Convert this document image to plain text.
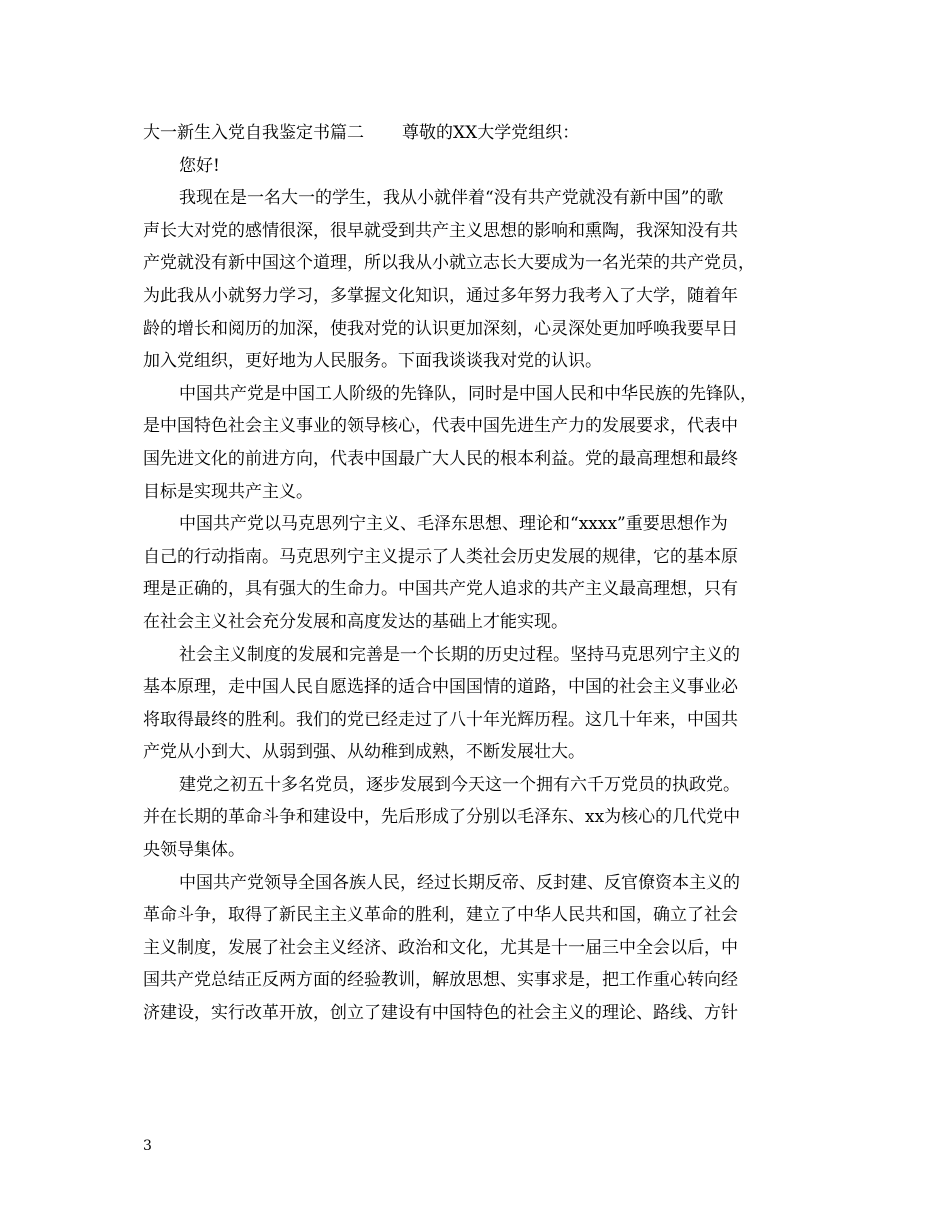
大一新生入党自我鉴定书篇二 尊敬的XX大学党组织：
您好!
我现在是一名大一的学生，我从小就伴着“没有共产党就没有新中国”的歌
声长大对党的感情很深，很早就受到共产主义思想的影响和熏陶，我深知没有共
产党就没有新中国这个道理，所以我从小就立志长大要成为一名光荣的共产党员，
为此我从小就努力学习，多掌握文化知识，通过多年努力我考入了大学，随着年
龄的增长和阅历的加深，使我对党的认识更加深刻，心灵深处更加呼唤我要早日
加入党组织，更好地为人民服务。下面我谈谈我对党的认识。
中国共产党是中国工人阶级的先锋队，同时是中国人民和中华民族的先锋队，
是中国特色社会主义事业的领导核心，代表中国先进生产力的发展要求，代表中
国先进文化的前进方向，代表中国最广大人民的根本利益。党的最高理想和最终
目标是实现共产主义。
中国共产党以马克思列宁主义、毛泽东思想、理论和“xxxx”重要思想作为
自己的行动指南。马克思列宁主义提示了人类社会历史发展的规律，它的基本原
理是正确的，具有强大的生命力。中国共产党人追求的共产主义最高理想，只有
在社会主义社会充分发展和高度发达的基础上才能实现。
社会主义制度的发展和完善是一个长期的历史过程。坚持马克思列宁主义的
基本原理，走中国人民自愿选择的适合中国国情的道路，中国的社会主义事业必
将取得最终的胜利。我们的党已经走过了八十年光辉历程。这几十年来，中国共
产党从小到大、从弱到强、从幼稚到成熟，不断发展壮大。
建党之初五十多名党员，逐步发展到今天这一个拥有六千万党员的执政党。
并在长期的革命斗争和建设中，先后形成了分别以毛泽东、xx为核心的几代党中
央领导集体。
中国共产党领导全国各族人民，经过长期反帝、反封建、反官僚资本主义的
革命斗争，取得了新民主主义革命的胜利，建立了中华人民共和国，确立了社会
主义制度，发展了社会主义经济、政治和文化，尤其是十一届三中全会以后，中
国共产党总结正反两方面的经验教训，解放思想、实事求是，把工作重心转向经
济建设，实行改革开放，创立了建设有中国特色的社会主义的理论、路线、方针
3
